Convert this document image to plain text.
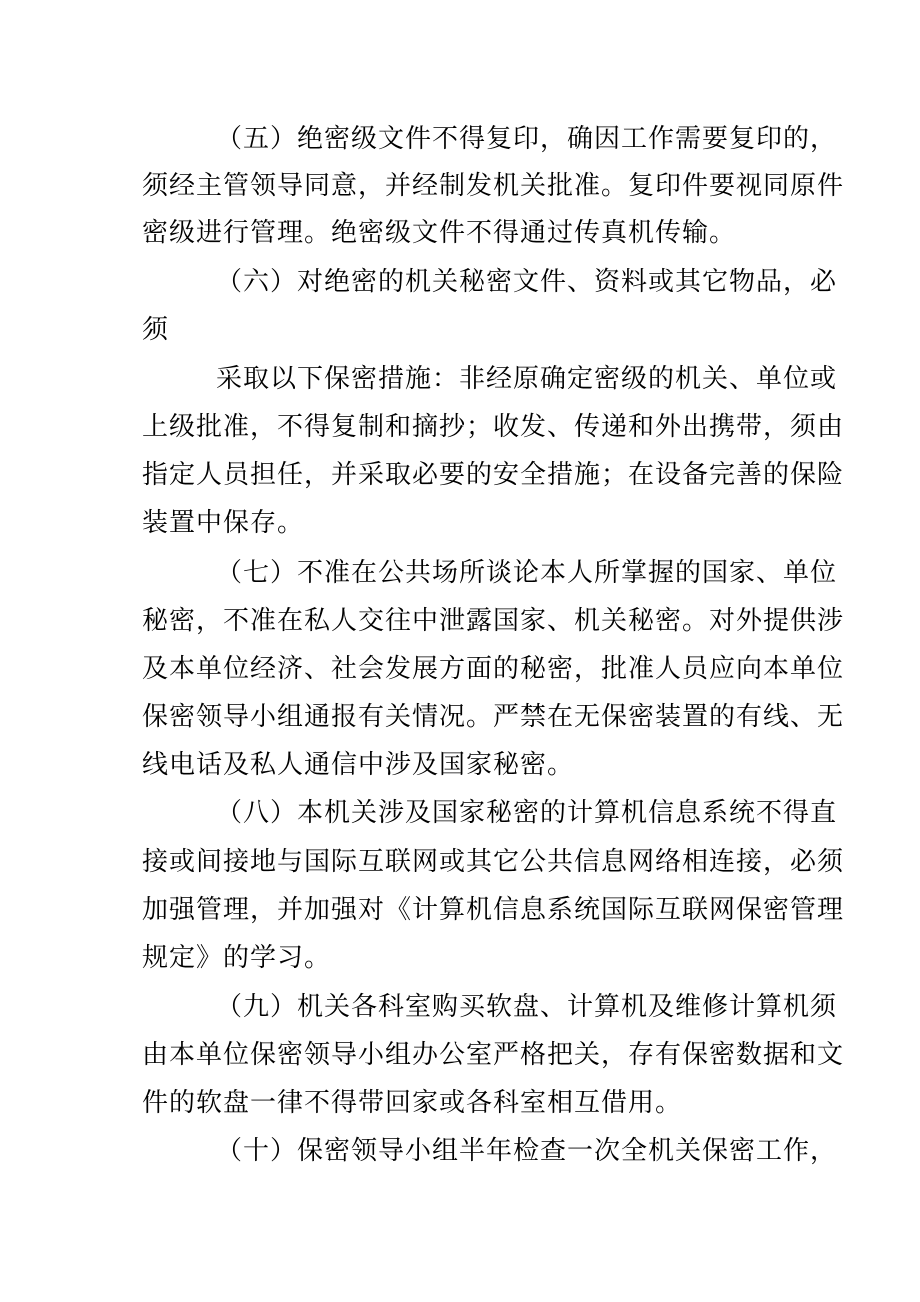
（五）绝密级文件不得复印，确因工作需要复印的，
须经主管领导同意，并经制发机关批准。复印件要视同原件
密级进行管理。绝密级文件不得通过传真机传输。
（六）对绝密的机关秘密文件、资料或其它物品，必
须
采取以下保密措施：非经原确定密级的机关、单位或
上级批准，不得复制和摘抄；收发、传递和外出携带，须由
指定人员担任，并采取必要的安全措施；在设备完善的保险
装置中保存。
（七）不准在公共场所谈论本人所掌握的国家、单位
秘密，不准在私人交往中泄露国家、机关秘密。对外提供涉
及本单位经济、社会发展方面的秘密，批准人员应向本单位
保密领导小组通报有关情况。严禁在无保密装置的有线、无
线电话及私人通信中涉及国家秘密。
（八）本机关涉及国家秘密的计算机信息系统不得直
接或间接地与国际互联网或其它公共信息网络相连接，必须
加强管理，并加强对《计算机信息系统国际互联网保密管理
规定》的学习。
（九）机关各科室购买软盘、计算机及维修计算机须
由本单位保密领导小组办公室严格把关，存有保密数据和文
件的软盘一律不得带回家或各科室相互借用。
（十）保密领导小组半年检查一次全机关保密工作，
